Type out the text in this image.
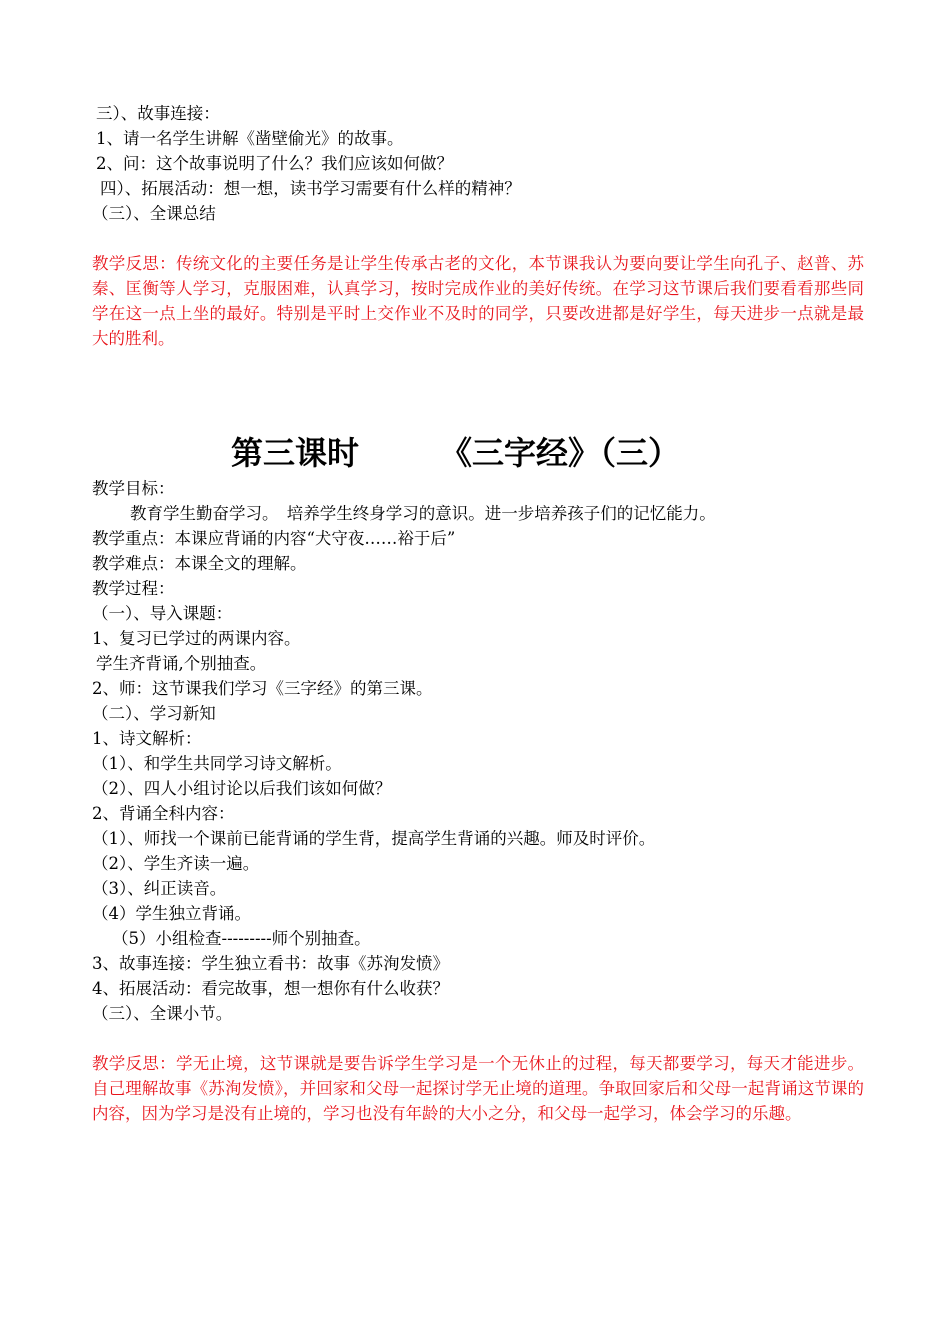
三）、故事连接：
1、请一名学生讲解《凿壁偷光》的故事。
2、问：这个故事说明了什么？我们应该如何做？
四）、拓展活动：想一想，读书学习需要有什么样的精神？
（三）、全课总结
教学反思：传统文化的主要任务是让学生传承古老的文化，本节课我认为要向要让学生向孔子、赵普、苏秦、匡衡等人学习，克服困难，认真学习，按时完成作业的美好传统。在学习这节课后我们要看看那些同学在这一点上坐的最好。特别是平时上交作业不及时的同学，只要改进都是好学生，每天进步一点就是最大的胜利。
第三课时	《三字经》（三）
教学目标：
教育学生勤奋学习。　培养学生终身学习的意识。进一步培养孩子们的记忆能力。
教学重点：本课应背诵的内容“犬守夜……裕于后”
教学难点：本课全文的理解。
教学过程：
（一）、导入课题：
1、复习已学过的两课内容。
学生齐背诵,个别抽查。
2、师：这节课我们学习《三字经》的第三课。
（二）、学习新知
1、诗文解析：
（1）、和学生共同学习诗文解析。
（2）、四人小组讨论以后我们该如何做？
2、背诵全科内容：
（1）、师找一个课前已能背诵的学生背，提高学生背诵的兴趣。师及时评价。
（2）、学生齐读一遍。
（3）、纠正读音。
（4）学生独立背诵。
（5）小组检查---------师个别抽查。
3、故事连接：学生独立看书：故事《苏洵发愤》
4、拓展活动：看完故事，想一想你有什么收获？
（三）、全课小节。
教学反思：学无止境，这节课就是要告诉学生学习是一个无休止的过程，每天都要学习，每天才能进步。自己理解故事《苏洵发愤》，并回家和父母一起探讨学无止境的道理。争取回家后和父母一起背诵这节课的内容，因为学习是没有止境的，学习也没有年龄的大小之分，和父母一起学习，体会学习的乐趣。
